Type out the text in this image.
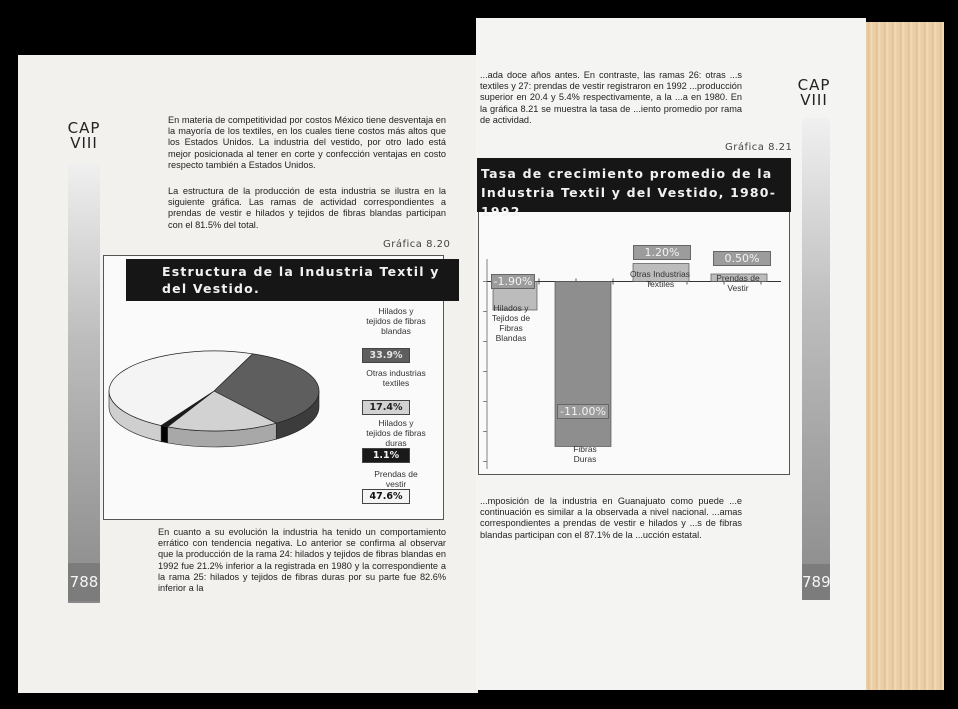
CAP
VIII
788
En materia de competitividad por costos México tiene desventaja en la mayoría de los textiles, en los cuales tiene costos más altos que los Estados Unidos. La industria del vestido, por otro lado está mejor posicionada al tener en corte y confección ventajas en costo respecto también a Estados Unidos.
La estructura de la producción de esta industria se ilustra en la siguiente gráfica. Las ramas de actividad correspondientes a prendas de vestir e hilados y tejidos de fibras blandas participan con el 81.5% del total.
Gráfica 8.20
Estructura de la Industria Textil y del Vestido.
Hilados y tejidos de fibras blandas
33.9%
Otras industrias textiles
17.4%
Hilados y tejidos de fibras duras
1.1%
Prendas de vestir
47.6%
En cuanto a su evolución la industria ha tenido un comportamiento errático con tendencia negativa. Lo anterior se confirma al observar que la producción de la rama 24: hilados y tejidos de fibras blandas en 1992 fue 21.2% inferior a la registrada en 1980 y la correspondiente a la rama 25: hilados y tejidos de fibras duras por su parte fue 82.6% inferior a la
...ada doce años antes. En contraste, las ramas 26: otras ...s textiles y 27: prendas de vestir registraron en 1992 ...producción superior en 20.4 y 5.4% respectivamente, a la ...a en 1980. En la gráfica 8.21 se muestra la tasa de ...iento promedio por rama de actividad.
Gráfica 8.21
Tasa de crecimiento promedio de la Industria Textil y del Vestido, 1980-1992
-1.90%
Hilados y Tejidos de Fibras Blandas
-11.00%
Fibras Duras
1.20%
Otras Industrias Textiles
0.50%
Prendas de Vestir
...mposición de la industria en Guanajuato como puede ...e continuación es similar a la observada a nivel nacional. ...amas correspondientes a prendas de vestir e hilados y ...s de fibras blandas participan con el 87.1% de la ...ucción estatal.
CAP
VIII
789
